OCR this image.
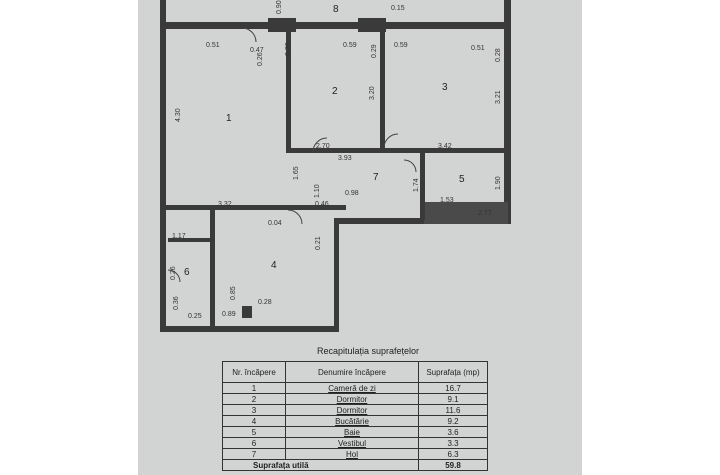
1
2	3
4
5
6
7
8
0.51
0.47
0.26
0.28	0.59 0.29 0.59	0.51 0.28
4.30
3.20	3.21
2.70
3.93
3.42
1.65
1.10	0.98
1.74	1.90
1.53
2.77
3.32	0.46
0.04
0.21
1.17
0.85
0.28
0.89
0.26
0.36
0.25
0.90	0.15
Recapitulația suprafețelor
Nr. încăpere	Denumire încăpere	Suprafața (mp)
1	Cameră de zi	16.7
2	Dormitor	9.1
3	Dormitor	11.6
4	Bucătărie	9.2
5	Baie	3.6
6	Vestibul	3.3
7	Hol	6.3
Suprafața utilă		59.8
